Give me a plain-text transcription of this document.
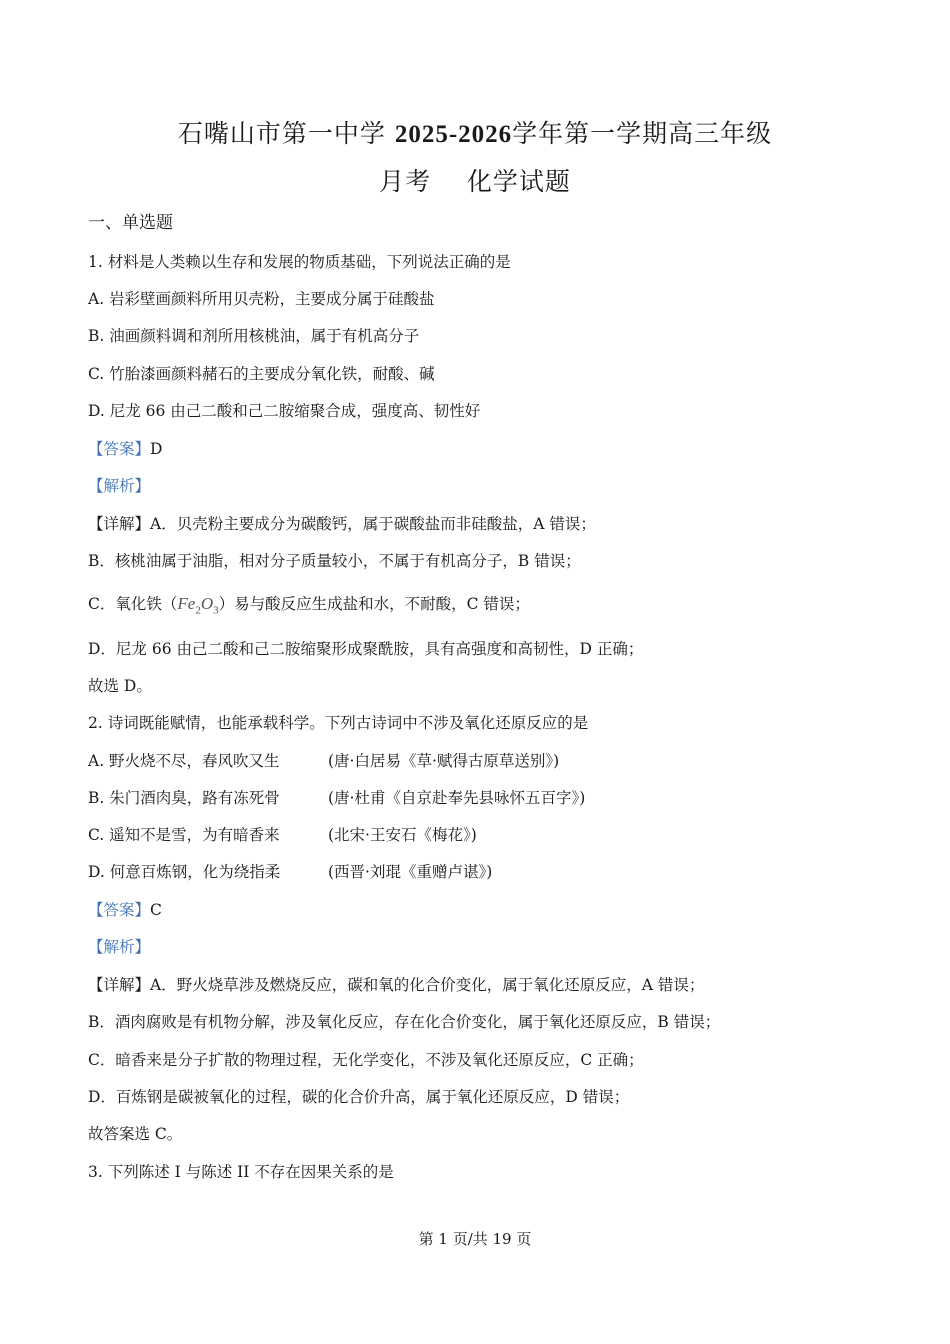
石嘴山市第一中学 2025-2026学年第一学期高三年级
月考    化学试题
一、单选题
1. 材料是人类赖以生存和发展的物质基础，下列说法正确的是
A. 岩彩壁画颜料所用贝壳粉，主要成分属于硅酸盐
B. 油画颜料调和剂所用核桃油，属于有机高分子
C. 竹胎漆画颜料赭石的主要成分氧化铁，耐酸、碱
D. 尼龙 66 由己二酸和己二胺缩聚合成，强度高、韧性好
【答案】D
【解析】
【详解】A．贝壳粉主要成分为碳酸钙，属于碳酸盐而非硅酸盐，A 错误；
B．核桃油属于油脂，相对分子质量较小，不属于有机高分子，B 错误；
C．氧化铁$(Fe_2O_3)$易与酸反应生成盐和水，不耐酸，C 错误；
D．尼龙 66 由己二酸和己二胺缩聚形成聚酰胺，具有高强度和高韧性，D 正确；
故选 D。
2. 诗词既能赋情，也能承载科学。下列古诗词中不涉及氧化还原反应的是
A. 野火烧不尽，春风吹又生	(唐·白居易《草·赋得古原草送别》)
B. 朱门酒肉臭，路有冻死骨	(唐·杜甫《自京赴奉先县咏怀五百字》)
C. 遥知不是雪，为有暗香来	(北宋·王安石《梅花》)
D. 何意百炼钢，化为绕指柔	(西晋·刘琨《重赠卢谌》)
【答案】C
【解析】
【详解】A．野火烧草涉及燃烧反应，碳和氧的化合价变化，属于氧化还原反应，A 错误；
B．酒肉腐败是有机物分解，涉及氧化反应，存在化合价变化，属于氧化还原反应，B 错误；
C．暗香来是分子扩散的物理过程，无化学变化，不涉及氧化还原反应，C 正确；
D．百炼钢是碳被氧化的过程，碳的化合价升高，属于氧化还原反应，D 错误；
故答案选 C。
3. 下列陈述 I 与陈述 II 不存在因果关系的是
第 1 页/共 19 页
